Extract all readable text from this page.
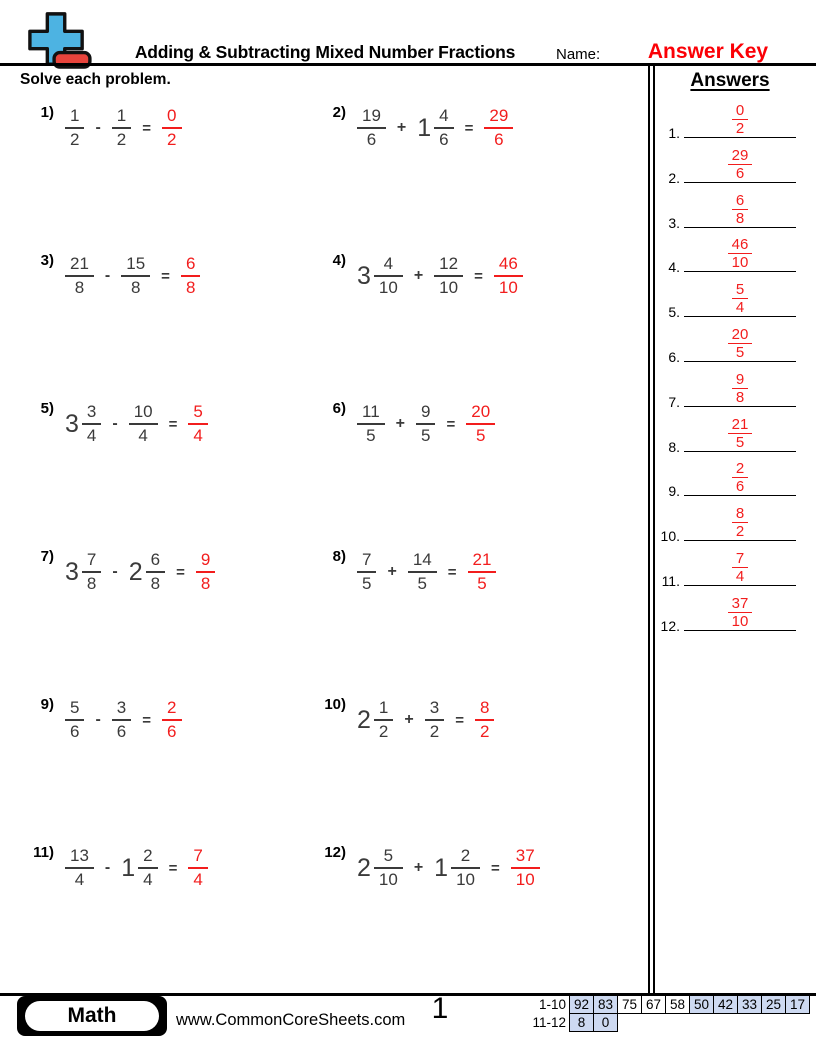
Adding & Subtracting Mixed Number Fractions	Name:	Answer Key
Solve each problem.	Answers
1.	$\frac{0}{2}$
2.	$\frac{29}{6}$
3.	$\frac{6}{8}$
4.	$\frac{46}{10}$
5.	$\frac{5}{4}$
6.	$\frac{20}{5}$
7.	$\frac{9}{8}$
8.	$\frac{21}{5}$
9.	$\frac{2}{6}$
10.	$\frac{8}{2}$
11.	$\frac{7}{4}$
12.	$\frac{37}{10}$
$1) \frac{1}{2} - \frac{1}{2} = \frac{0}{2}$	$2) \frac{19}{6} + 1 \frac{4}{6} = \frac{29}{6}$
$3) \frac{21}{8} - \frac{15}{8} = \frac{6}{8}$	4)
$3 \frac{4}{10} + \frac{12}{10} = \frac{46}{10}$
5)
$3 \frac{3}{4} - \frac{10}{4} = \frac{5}{4}$	$6) \frac{11}{5} + \frac{9}{5} = \frac{20}{5}$
7)
$3 \frac{7}{8} - 2 \frac{6}{8} = \frac{9}{8}$	$8) \frac{7}{5} + \frac{14}{5} = \frac{21}{5}$
$9) \frac{5}{6} - \frac{3}{6} = \frac{2}{6}$	10)
$2 \frac{1}{2} + \frac{3}{2} = \frac{8}{2}$
$11) \frac{13}{4} - 1 \frac{2}{4} = \frac{7}{4}$	12)
$2 \frac{5}{10} + 1 \frac{2}{10} = \frac{37}{10}$
Math	www.CommonCoreSheets.com 1	1-10 92 83 75 67 58 50 42 33 25 17
11-12 8	0
